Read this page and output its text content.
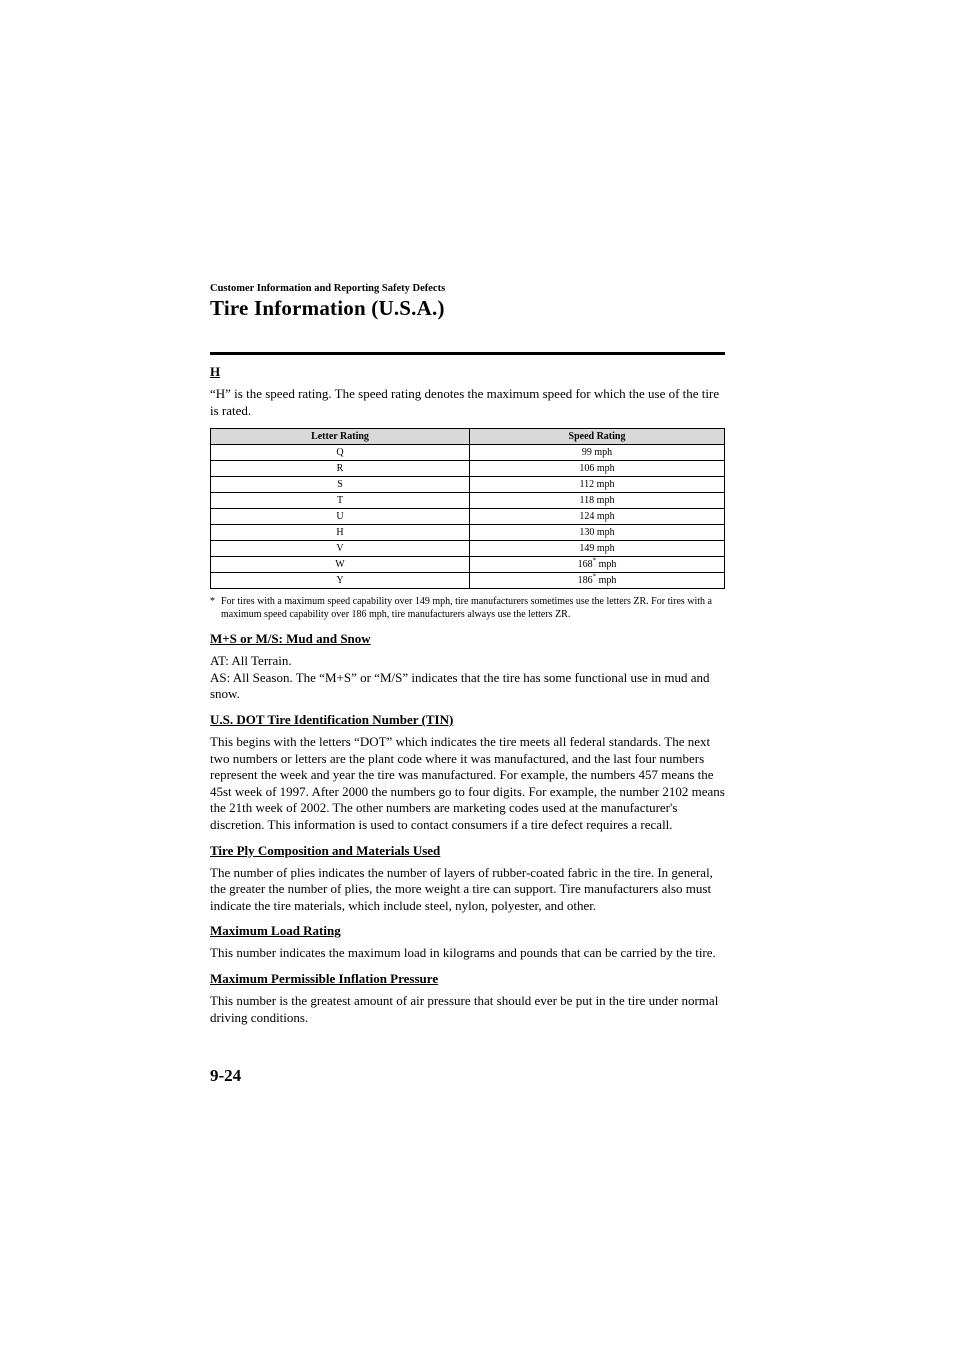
Customer Information and Reporting Safety Defects
Tire Information (U.S.A.)
H

“H” is the speed rating. The speed rating denotes the maximum speed for which the use of the tire is rated.

Letter Rating	Speed Rating
Q	99 mph
R	106 mph
S	112 mph
T	118 mph
U	124 mph
H	130 mph
V	149 mph
W	168* mph
Y	186* mph
* For tires with a maximum speed capability over 149 mph, tire manufacturers sometimes use the letters ZR. For tires with a maximum speed capability over 186 mph, tire manufacturers always use the letters ZR.
M+S or M/S: Mud and Snow

AT: All Terrain.
AS: All Season. The “M+S” or “M/S” indicates that the tire has some functional use in mud and snow.

U.S. DOT Tire Identification Number (TIN)

This begins with the letters “DOT” which indicates the tire meets all federal standards. The next two numbers or letters are the plant code where it was manufactured, and the last four numbers represent the week and year the tire was manufactured. For example, the numbers 457 means the 45st week of 1997. After 2000 the numbers go to four digits. For example, the number 2102 means the 21th week of 2002. The other numbers are marketing codes used at the manufacturer's discretion. This information is used to contact consumers if a tire defect requires a recall.

Tire Ply Composition and Materials Used

The number of plies indicates the number of layers of rubber-coated fabric in the tire. In general, the greater the number of plies, the more weight a tire can support. Tire manufacturers also must indicate the tire materials, which include steel, nylon, polyester, and other.

Maximum Load Rating

This number indicates the maximum load in kilograms and pounds that can be carried by the tire.

Maximum Permissible Inflation Pressure

This number is the greatest amount of air pressure that should ever be put in the tire under normal driving conditions.

9-24
